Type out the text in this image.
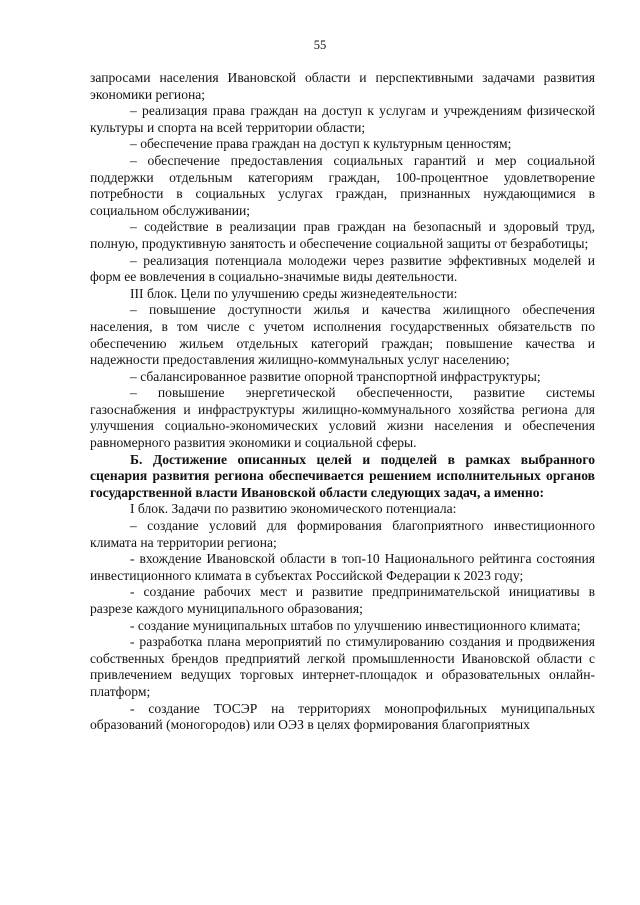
55

запросами населения Ивановской области и перспективными задачами развития экономики региона;

– реализация права граждан на доступ к услугам и учреждениям физической культуры и спорта на всей территории области;

– обеспечение права граждан на доступ к культурным ценностям;

– обеспечение предоставления социальных гарантий и мер социальной поддержки отдельным категориям граждан, 100-процентное удовлетворение потребности в социальных услугах граждан, признанных нуждающимися в социальном обслуживании;

– содействие в реализации прав граждан на безопасный и здоровый труд, полную, продуктивную занятость и обеспечение социальной защиты от безработицы;

– реализация потенциала молодежи через развитие эффективных моделей и форм ее вовлечения в социально-значимые виды деятельности.

III блок. Цели по улучшению среды жизнедеятельности:

– повышение доступности жилья и качества жилищного обеспечения населения, в том числе с учетом исполнения государственных обязательств по обеспечению жильем отдельных категорий граждан; повышение качества и надежности предоставления жилищно-коммунальных услуг населению;

– сбалансированное развитие опорной транспортной инфраструктуры;

– повышение энергетической обеспеченности, развитие системы газоснабжения и инфраструктуры жилищно-коммунального хозяйства региона для улучшения социально-экономических условий жизни населения и обеспечения равномерного развития экономики и социальной сферы.

Б. Достижение описанных целей и подцелей в рамках выбранного сценария развития региона обеспечивается решением исполнительных органов государственной власти Ивановской области следующих задач, а именно:

I блок. Задачи по развитию экономического потенциала:

– создание условий для формирования благоприятного инвестиционного климата на территории региона;

- вхождение Ивановской области в топ-10 Национального рейтинга состояния инвестиционного климата в субъектах Российской Федерации к 2023 году;

- создание рабочих мест и развитие предпринимательской инициативы в разрезе каждого муниципального образования;

- создание муниципальных штабов по улучшению инвестиционного климата;

- разработка плана мероприятий по стимулированию создания и продвижения собственных брендов предприятий легкой промышленности Ивановской области с привлечением ведущих торговых интернет-площадок и образовательных онлайн-платформ;

- создание ТОСЭР на территориях монопрофильных муниципальных образований (моногородов) или ОЭЗ в целях формирования благоприятных
